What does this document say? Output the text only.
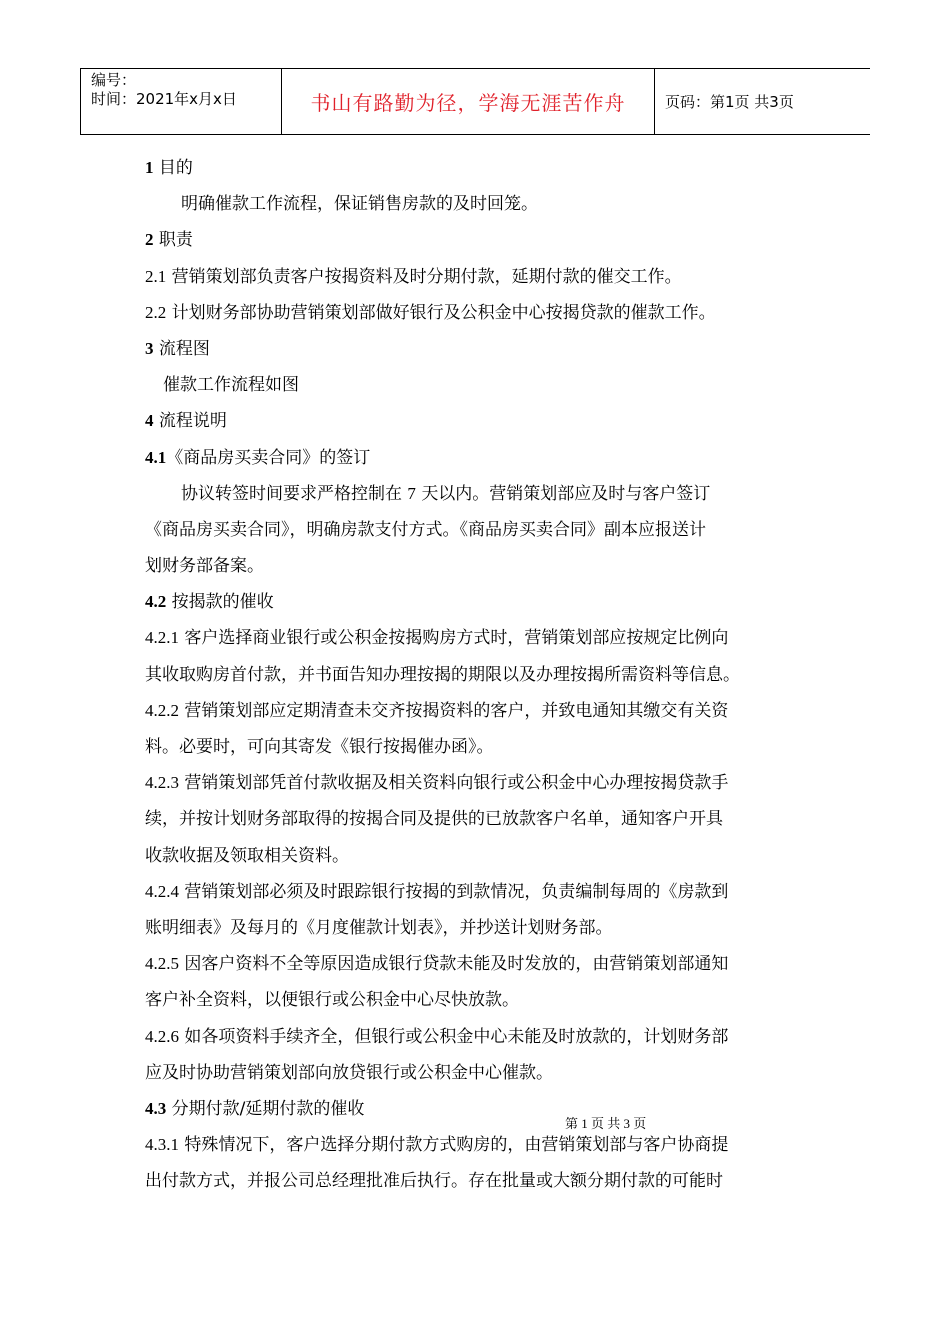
编号：
时间：2021年x月x日	书山有路勤为径，学海无涯苦作舟	页码：第1页 共3页
1 目的
明确催款工作流程，保证销售房款的及时回笼。
2 职责
2.1 营销策划部负责客户按揭资料及时分期付款，延期付款的催交工作。
2.2 计划财务部协助营销策划部做好银行及公积金中心按揭贷款的催款工作。
3 流程图
催款工作流程如图
4 流程说明
4.1《商品房买卖合同》的签订
协议转签时间要求严格控制在 7 天以内。营销策划部应及时与客户签订
《商品房买卖合同》，明确房款支付方式。《商品房买卖合同》副本应报送计
划财务部备案。
4.2 按揭款的催收
4.2.1 客户选择商业银行或公积金按揭购房方式时，营销策划部应按规定比例向
其收取购房首付款，并书面告知办理按揭的期限以及办理按揭所需资料等信息。
4.2.2 营销策划部应定期清查未交齐按揭资料的客户，并致电通知其缴交有关资
料。必要时，可向其寄发《银行按揭催办函》。
4.2.3 营销策划部凭首付款收据及相关资料向银行或公积金中心办理按揭贷款手
续，并按计划财务部取得的按揭合同及提供的已放款客户名单，通知客户开具
收款收据及领取相关资料。
4.2.4 营销策划部必须及时跟踪银行按揭的到款情况，负责编制每周的《房款到
账明细表》及每月的《月度催款计划表》，并抄送计划财务部。
4.2.5 因客户资料不全等原因造成银行贷款未能及时发放的，由营销策划部通知
客户补全资料，以便银行或公积金中心尽快放款。
4.2.6 如各项资料手续齐全，但银行或公积金中心未能及时放款的，计划财务部
应及时协助营销策划部向放贷银行或公积金中心催款。
4.3 分期付款/延期付款的催收
4.3.1 特殊情况下，客户选择分期付款方式购房的，由营销策划部与客户协商提
出付款方式，并报公司总经理批准后执行。存在批量或大额分期付款的可能时
第 1 页 共 3 页
